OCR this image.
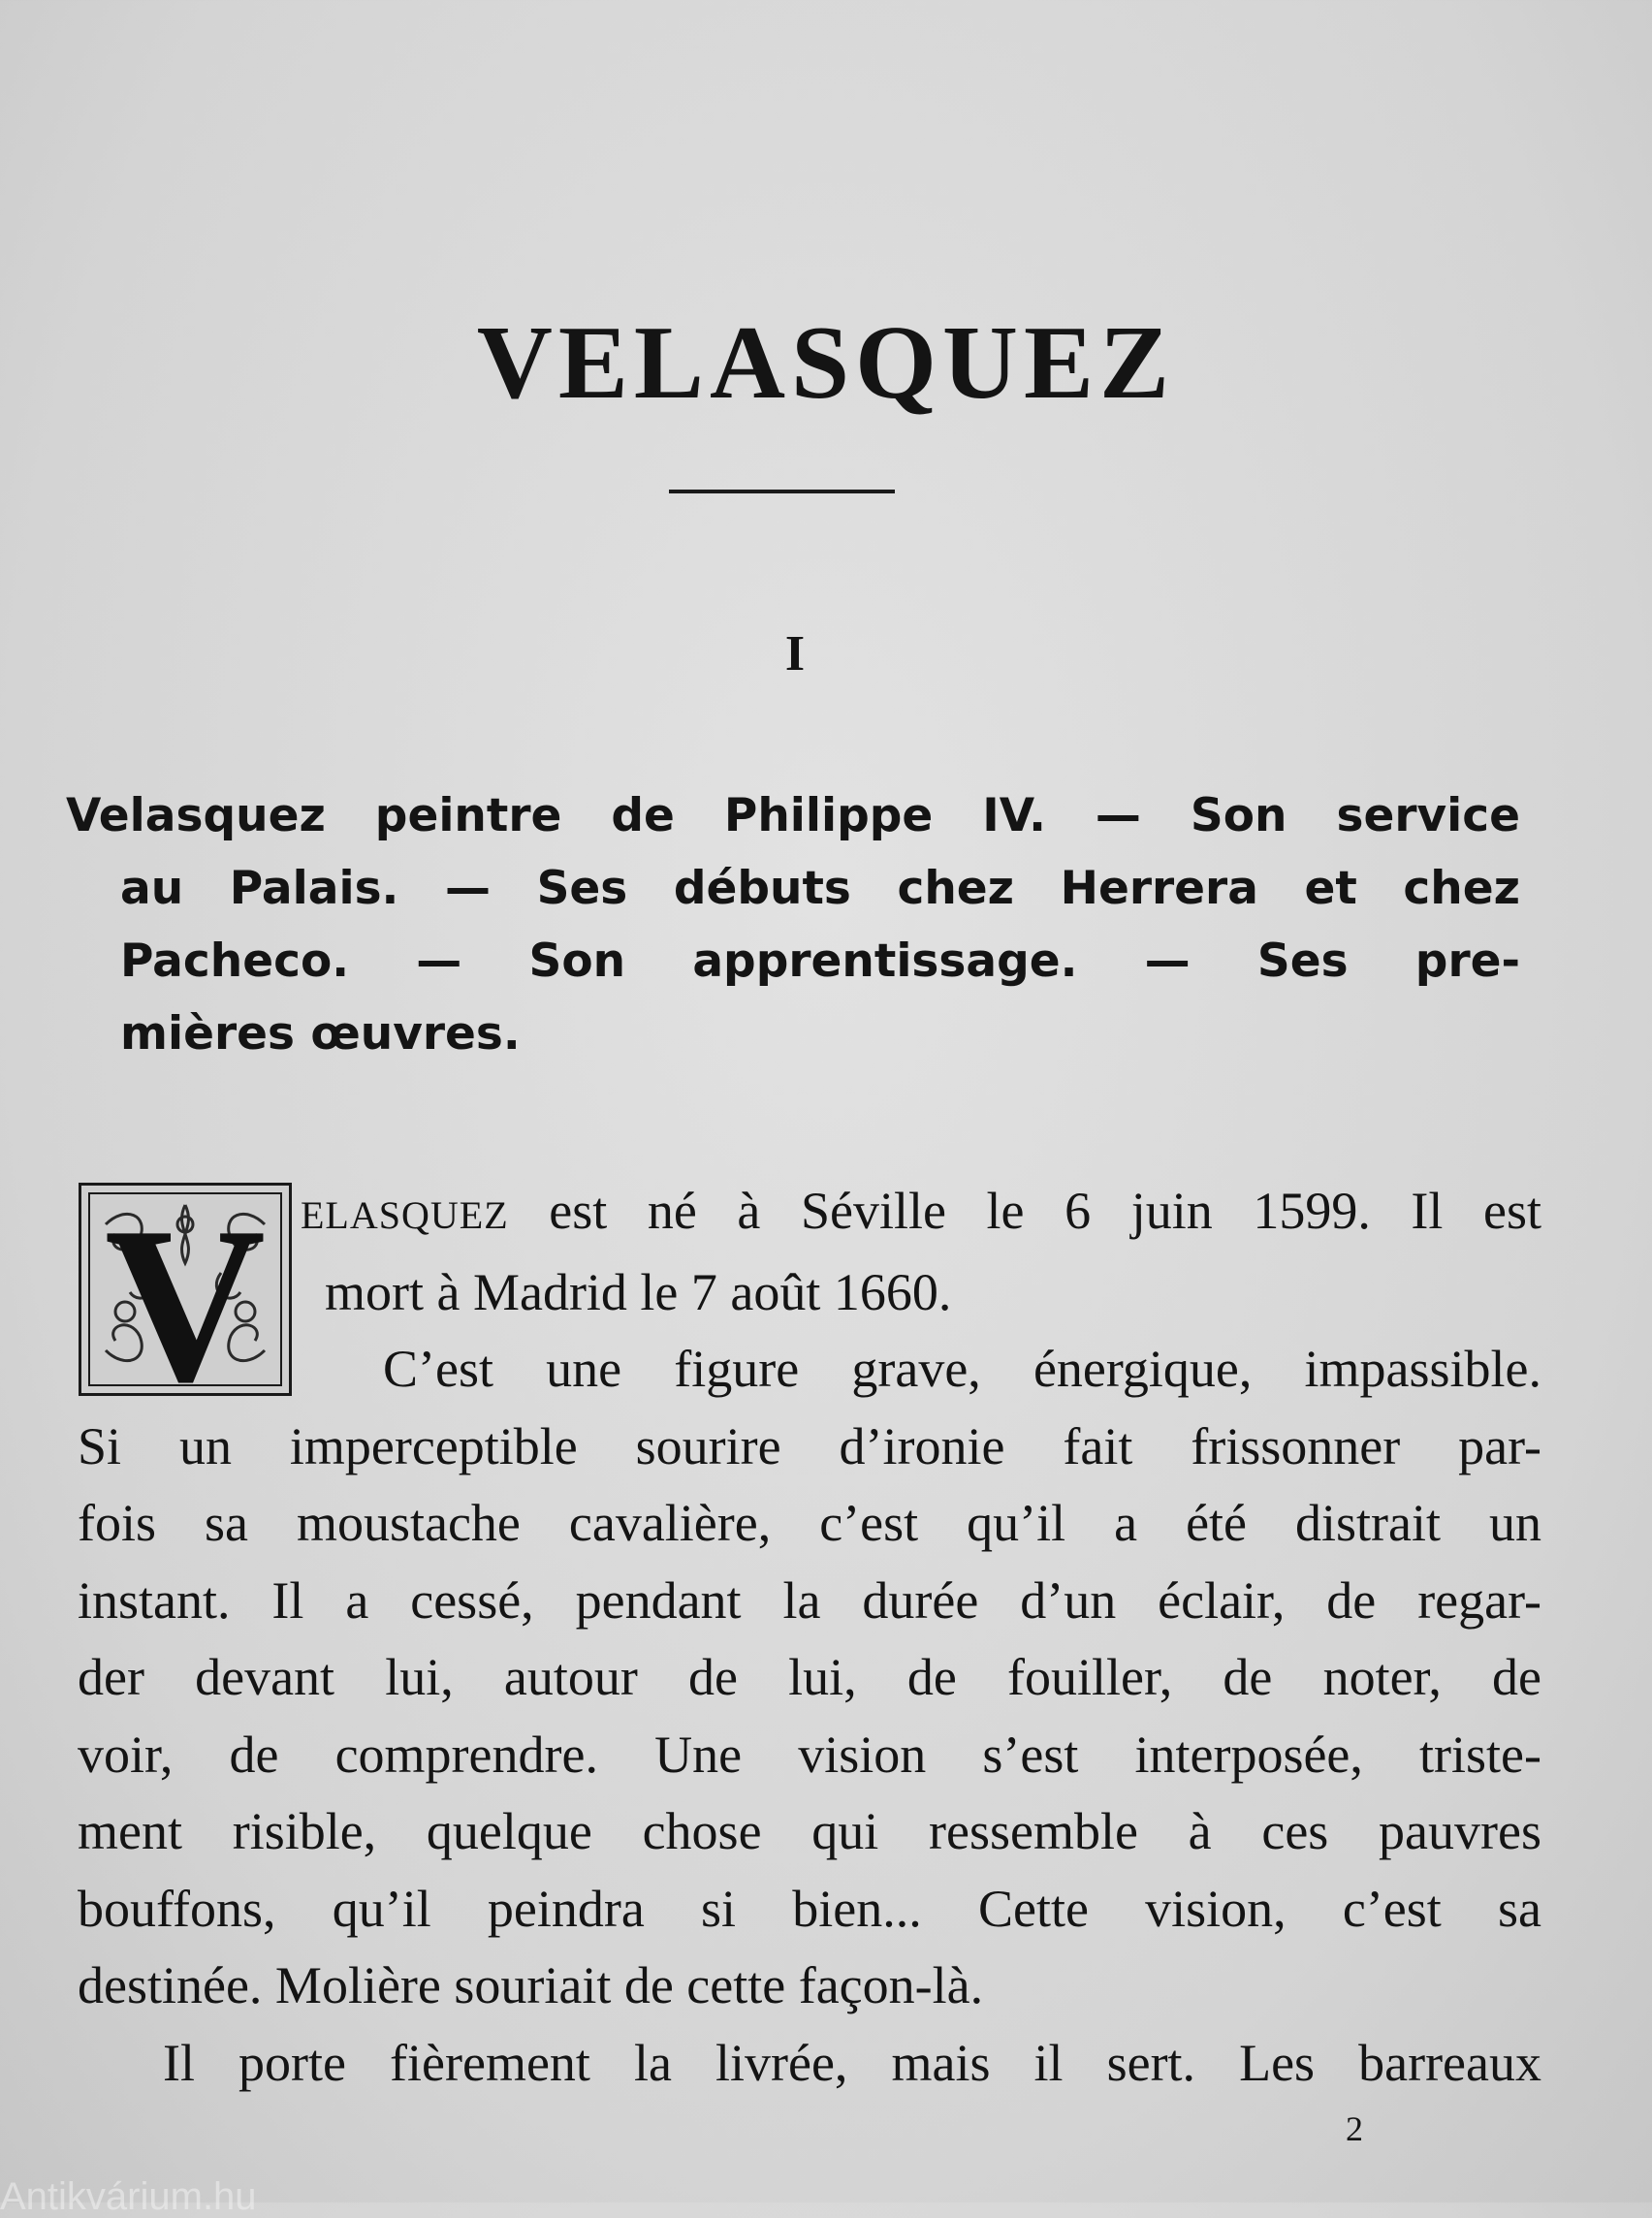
VELASQUEZ
I
Velasquez peintre de Philippe IV. — Son service
au Palais. — Ses débuts chez Herrera et chez
Pacheco. — Son apprentissage. — Ses pre-
mières œuvres.
V ELASQUEZ est né à Séville le 6 juin 1599. Il est
mort à Madrid le 7 août 1660.
C’est une figure grave, énergique, impassible.
Si un imperceptible sourire d’ironie fait frissonner par-
fois sa moustache cavalière, c’est qu’il a été distrait un
instant. Il a cessé, pendant la durée d’un éclair, de regar-
der devant lui, autour de lui, de fouiller, de noter, de
voir, de comprendre. Une vision s’est interposée, triste-
ment risible, quelque chose qui ressemble à ces pauvres
bouffons, qu’il peindra si bien... Cette vision, c’est sa
destinée. Molière souriait de cette façon-là.
Il porte fièrement la livrée, mais il sert. Les barreaux
2
Antikvárium.hu
